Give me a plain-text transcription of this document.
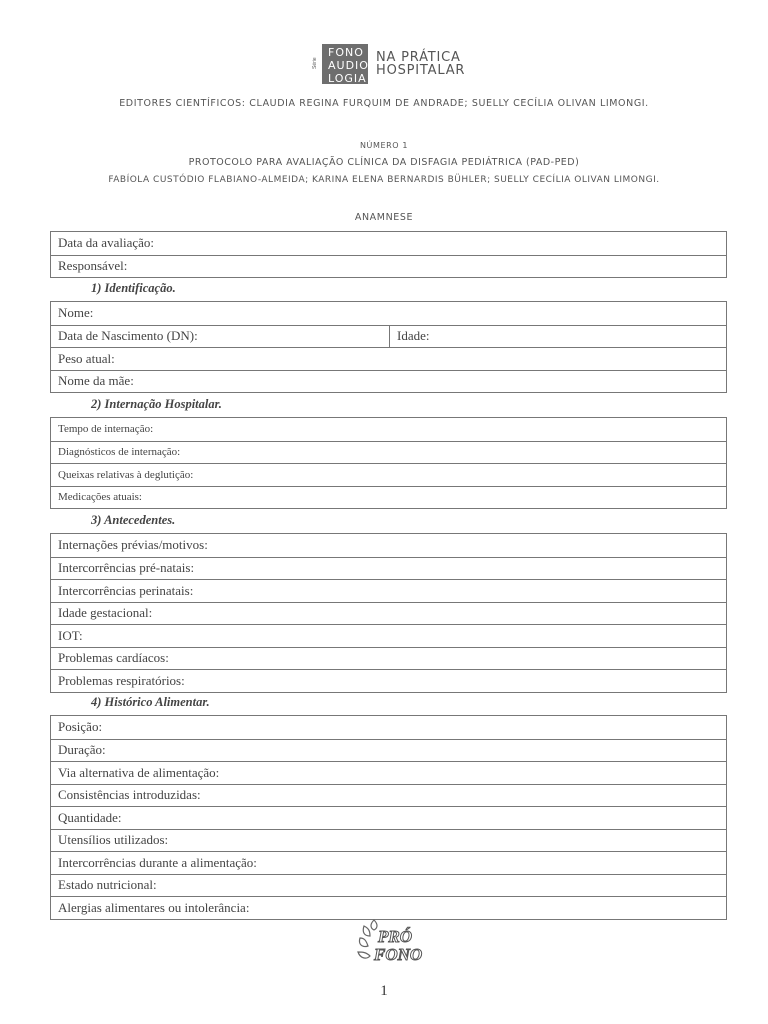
Série
FONO
AUDIO
LOGIA
NA PRÁTICA
HOSPITALAR
EDITORES CIENTÍFICOS: CLAUDIA REGINA FURQUIM DE ANDRADE; SUELLY CECÍLIA OLIVAN LIMONGI.
NÚMERO 1
PROTOCOLO PARA AVALIAÇÃO CLÍNICA DA DISFAGIA PEDIÁTRICA (PAD-PED)
FABÍOLA CUSTÓDIO FLABIANO-ALMEIDA; KARINA ELENA BERNARDIS BÜHLER; SUELLY CECÍLIA OLIVAN LIMONGI.
ANAMNESE
Data da avaliação:
Responsável:
1) Identificação.
Nome:
Data de Nascimento (DN):	Idade:
Peso atual:
Nome da mãe:
2) Internação Hospitalar.
Tempo de internação:
Diagnósticos de internação:
Queixas relativas à deglutição:
Medicações atuais:
3) Antecedentes.
Internações prévias/motivos:
Intercorrências pré-natais:
Intercorrências perinatais:
Idade gestacional:
IOT:
Problemas cardíacos:
Problemas respiratórios:
4) Histórico Alimentar.
Posição:
Duração:
Via alternativa de alimentação:
Consistências introduzidas:
Quantidade:
Utensílios utilizados:
Intercorrências durante a alimentação:
Estado nutricional:
Alergias alimentares ou intolerância:
PRÓ
FONO
1
